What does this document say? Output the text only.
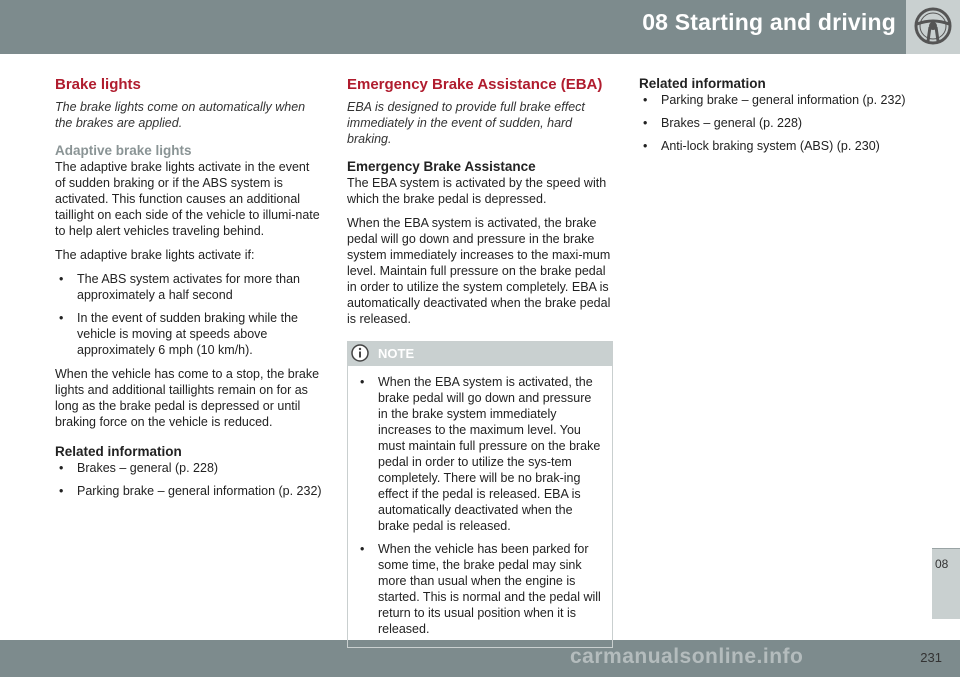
08 Starting and driving
08
231
carmanualsonline.info
Brake lights
The brake lights come on automatically when the brakes are applied.
Adaptive brake lights

The adaptive brake lights activate in the event of sudden braking or if the ABS system is activated. This function causes an additional taillight on each side of the vehicle to illumi-nate to help alert vehicles traveling behind.

The adaptive brake lights activate if:

• The ABS system activates for more than approximately a half second
• In the event of sudden braking while the vehicle is moving at speeds above approximately 6 mph (10 km/h).

When the vehicle has come to a stop, the brake lights and additional taillights remain on for as long as the brake pedal is depressed or until braking force on the vehicle is reduced.

Related information
• Brakes – general (p. 228)
• Parking brake – general information (p. 232)
Emergency Brake Assistance (EBA)
EBA is designed to provide full brake effect immediately in the event of sudden, hard braking.
Emergency Brake Assistance

The EBA system is activated by the speed with which the brake pedal is depressed.

When the EBA system is activated, the brake pedal will go down and pressure in the brake system immediately increases to the maxi-mum level. Maintain full pressure on the brake pedal in order to utilize the system completely. EBA is automatically deactivated when the brake pedal is released.

NOTE
• When the EBA system is activated, the brake pedal will go down and pressure in the brake system immediately increases to the maximum level. You must maintain full pressure on the brake pedal in order to utilize the sys-tem completely. There will be no brak-ing effect if the pedal is released. EBA is automatically deactivated when the brake pedal is released.
• When the vehicle has been parked for some time, the brake pedal may sink more than usual when the engine is started. This is normal and the pedal will return to its usual position when it is released.
Related information
• Parking brake – general information (p. 232)
• Brakes – general (p. 228)
• Anti-lock braking system (ABS) (p. 230)
